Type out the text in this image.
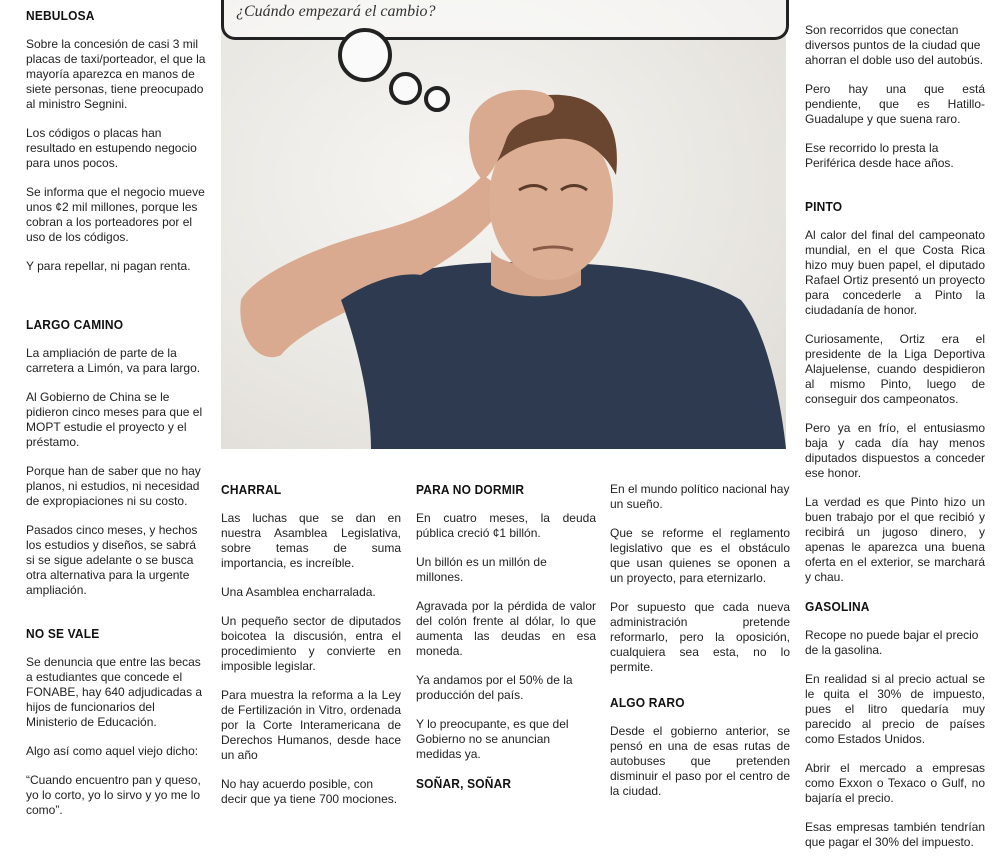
¿Cuándo empezará el cambio?
NEBULOSA

Sobre la concesión de casi 3 mil placas de taxi/porteador, el que la mayoría aparezca en manos de siete personas, tiene preocupado al ministro Segnini.

Los códigos o placas han resultado en estupendo negocio para unos pocos.

Se informa que el negocio mueve unos ¢2 mil millones, porque les cobran a los porteadores por el uso de los códigos.

Y para repellar, ni pagan renta.

LARGO CAMINO

La ampliación de parte de la carretera a Limón, va para largo.

Al Gobierno de China se le pidieron cinco meses para que el MOPT estudie el proyecto y el préstamo.

Porque han de saber que no hay planos, ni estudios, ni necesidad de expropiaciones ni su costo.

Pasados cinco meses, y hechos los estudios y diseños, se sabrá si se sigue adelante o se busca otra alternativa para la urgente ampliación.

NO SE VALE

Se denuncia que entre las becas a estudiantes que concede el FONABE, hay 640 adjudicadas a hijos de funcionarios del Ministerio de Educación.

Algo así como aquel viejo dicho:

“Cuando encuentro pan y queso, yo lo corto, yo lo sirvo y yo me lo como”.

CHARRAL

Las luchas que se dan en nuestra Asamblea Legislativa, sobre temas de suma importancia, es increíble.

Una Asamblea encharralada.

Un pequeño sector de diputados boicotea la discusión, entra el procedimiento y convierte en imposible legislar.

Para muestra la reforma a la Ley de Fertilización in Vitro, ordenada por la Corte Interamericana de Derechos Humanos, desde hace un año

No hay acuerdo posible, con decir que ya tiene 700 mociones.

PARA NO DORMIR

En cuatro meses, la deuda pública creció ¢1 billón.

Un billón es un millón de millones.

Agravada por la pérdida de valor del colón frente al dólar, lo que aumenta las deudas en esa moneda.

Ya andamos por el 50% de la producción del país.

Y lo preocupante, es que del Gobierno no se anuncian medidas ya.

SOÑAR, SOÑAR

En el mundo político nacional hay un sueño.

Que se reforme el reglamento legislativo que es el obstáculo que usan quienes se oponen a un proyecto, para eternizarlo.

Por supuesto que cada nueva administración pretende reformarlo, pero la oposición, cualquiera sea esta, no lo permite.

ALGO RARO

Desde el gobierno anterior, se pensó en una de esas rutas de autobuses que pretenden disminuir el paso por el centro de la ciudad.

Son recorridos que conectan diversos puntos de la ciudad que ahorran el doble uso del autobús.

Pero hay una que está pendiente, que es Hatillo-Guadalupe y que suena raro.

Ese recorrido lo presta la Periférica desde hace años.

PINTO

Al calor del final del campeonato mundial, en el que Costa Rica hizo muy buen papel, el diputado Rafael Ortiz presentó un proyecto para concederle a Pinto la ciudadanía de honor.

Curiosamente, Ortiz era el presidente de la Liga Deportiva Alajuelense, cuando despidieron al mismo Pinto, luego de conseguir dos campeonatos.

Pero ya en frío, el entusiasmo baja y cada día hay menos diputados dispuestos a conceder ese honor.

La verdad es que Pinto hizo un buen trabajo por el que recibió y recibirá un jugoso dinero, y apenas le aparezca una buena oferta en el exterior, se marchará y chau.

GASOLINA

Recope no puede bajar el precio de la gasolina.

En realidad si al precio actual se le quita el 30% de impuesto, pues el litro quedaría muy parecido al precio de países como Estados Unidos.

Abrir el mercado a empresas como Exxon o Texaco o Gulf, no bajaría el precio.

Esas empresas también tendrían que pagar el 30% del impuesto.
